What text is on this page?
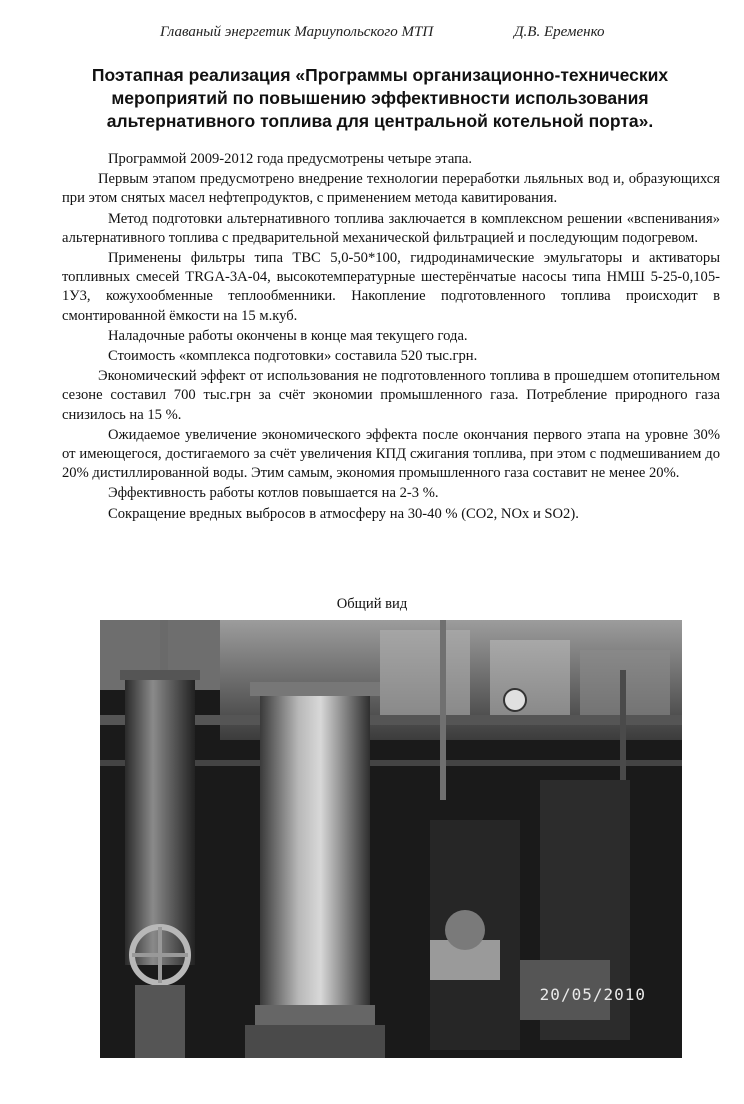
Главаный энергетик Мариупольского МТП	Д.В. Еременко
Поэтапная реализация «Программы организационно-технических мероприятий по повышению эффективности использования альтернативного топлива для центральной котельной порта».

Программой 2009-2012 года предусмотрены четыре этапа.

Первым этапом предусмотрено внедрение технологии переработки льяльных вод и, образующихся при этом снятых масел нефтепродуктов, с применением метода кавитирования.

Метод подготовки альтернативного топлива заключается в комплексном решении «вспенивания» альтернативного топлива с предварительной механической фильтрацией и последующим подогревом.

Применены фильтры типа ТВС 5,0-50*100, гидродинамические эмульгаторы и активаторы топливных смесей TRGA-3А-04, высокотемпературные шестерёнчатые насосы типа НМШ 5-25-0,105-1У3, кожухообменные теплообменники. Накопление подготовленного топлива происходит в смонтированной ёмкости на 15 м.куб.

Наладочные работы окончены в конце мая текущего года.

Стоимость «комплекса подготовки» составила 520 тыс.грн.

Экономический эффект от использования не подготовленного топлива в прошедшем отопительном сезоне составил 700 тыс.грн за счёт экономии промышленного газа. Потребление природного газа снизилось на 15 %.

Ожидаемое увеличение экономического эффекта после окончания первого этапа на уровне 30% от имеющегося, достигаемого за счёт увеличения КПД сжигания топлива, при этом с подмешиванием до 20% дистиллированной воды. Этим самым, экономия промышленного газа составит не менее 20%.

Эффективность работы котлов повышается на 2-3 %.

Сокращение вредных выбросов в атмосферу на 30-40 % (СО2, NOx и SO2).

Общий вид
20/05/2010
